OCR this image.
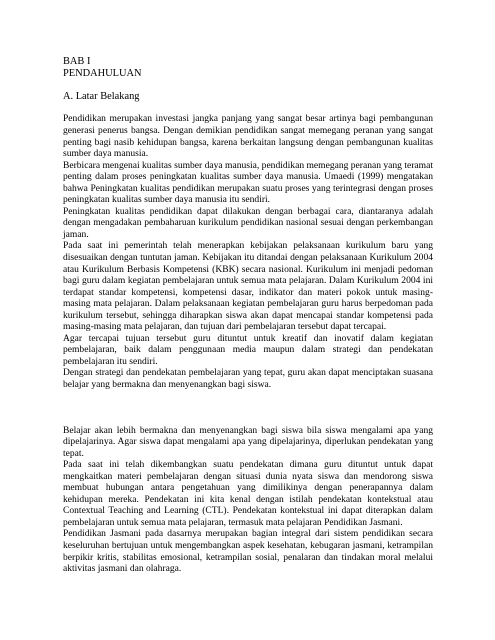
BAB I
PENDAHULUAN
A. Latar Belakang

Pendidikan merupakan investasi jangka panjang yang sangat besar artinya bagi pembangunan generasi penerus bangsa. Dengan demikian pendidikan sangat memegang peranan yang sangat penting bagi nasib kehidupan bangsa, karena berkaitan langsung dengan pembangunan kualitas sumber daya manusia.

Berbicara mengenai kualitas sumber daya manusia, pendidikan memegang peranan yang teramat penting dalam proses peningkatan kualitas sumber daya manusia. Umaedi (1999) mengatakan bahwa Peningkatan kualitas pendidikan merupakan suatu proses yang terintegrasi dengan proses peningkatan kualitas sumber daya manusia itu sendiri.

Peningkatan kualitas pendidikan dapat dilakukan dengan berbagai cara, diantaranya adalah dengan mengadakan pembaharuan kurikulum pendidikan nasional sesuai dengan perkembangan jaman.

Pada saat ini pemerintah telah menerapkan kebijakan pelaksanaan kurikulum baru yang disesuaikan dengan tuntutan jaman. Kebijakan itu ditandai dengan pelaksanaan Kurikulum 2004 atau Kurikulum Berbasis Kompetensi (KBK) secara nasional. Kurikulum ini menjadi pedoman bagi guru dalam kegiatan pembelajaran untuk semua mata pelajaran. Dalam Kurikulum 2004 ini terdapat standar kompetensi, kompetensi dasar, indikator dan materi pokok untuk masing-masing mata pelajaran. Dalam pelaksanaan kegiatan pembelajaran guru harus berpedoman pada kurikulum tersebut, sehingga diharapkan siswa akan dapat mencapai standar kompetensi pada masing-masing mata pelajaran, dan tujuan dari pembelajaran tersebut dapat tercapai.

Agar tercapai tujuan tersebut guru dituntut untuk kreatif dan inovatif dalam kegiatan pembelajaran, baik dalam penggunaan media maupun dalam strategi dan pendekatan pembelajaran itu sendiri.

Dengan strategi dan pendekatan pembelajaran yang tepat, guru akan dapat menciptakan suasana belajar yang bermakna dan menyenangkan bagi siswa.

Belajar akan lebih bermakna dan menyenangkan bagi siswa bila siswa mengalami apa yang dipelajarinya. Agar siswa dapat mengalami apa yang dipelajarinya, diperlukan pendekatan yang tepat.

Pada saat ini telah dikembangkan suatu pendekatan dimana guru dituntut untuk dapat mengkaitkan materi pembelajaran dengan situasi dunia nyata siswa dan mendorong siswa membuat hubungan antara pengetahuan yang dimilikinya dengan penerapannya dalam kehidupan mereka. Pendekatan ini kita kenal dengan istilah pendekatan kontekstual atau Contextual Teaching and Learning (CTL). Pendekatan kontekstual ini dapat diterapkan dalam pembelajaran untuk semua mata pelajaran, termasuk mata pelajaran Pendidikan Jasmani.

Pendidikan Jasmani pada dasarnya merupakan bagian integral dari sistem pendidikan secara keseluruhan bertujuan untuk mengembangkan aspek kesehatan, kebugaran jasmani, ketrampilan berpikir kritis, stabilitas emosional, ketrampilan sosial, penalaran dan tindakan moral melalui aktivitas jasmani dan olahraga.
